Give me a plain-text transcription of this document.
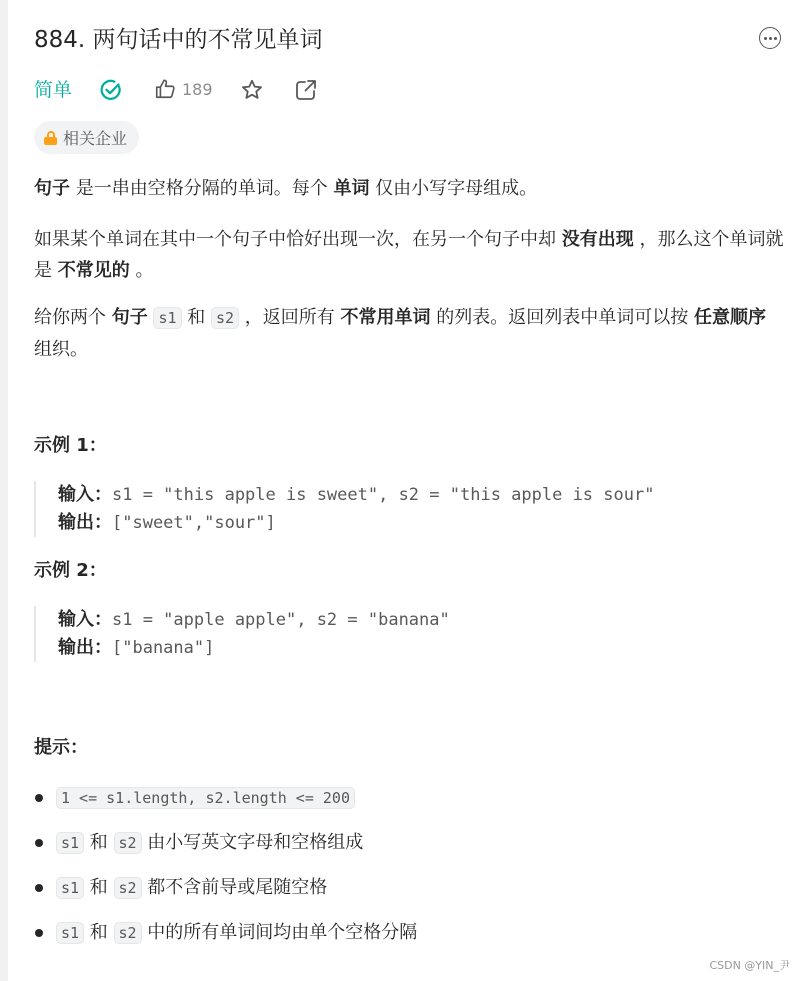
884. 两句话中的不常见单词
简单	189
相关企业
句子 是一串由空格分隔的单词。每个 单词 仅由小写字母组成。
如果某个单词在其中一个句子中恰好出现一次，在另一个句子中却 没有出现 ，那么这个单词就是 不常见的 。
给你两个 句子 s1 和 s2 ，返回所有 不常用单词 的列表。返回列表中单词可以按 任意顺序 组织。
示例 1：
输入：s1 = "this apple is sweet", s2 = "this apple is sour"
输出：["sweet","sour"]
示例 2：
输入：s1 = "apple apple", s2 = "banana"
输出：["banana"]
提示：
1 <= s1.length, s2.length <= 200
s1 和 s2 由小写英文字母和空格组成
s1 和 s2 都不含前导或尾随空格
s1 和 s2 中的所有单词间均由单个空格分隔
CSDN @YIN_尹
